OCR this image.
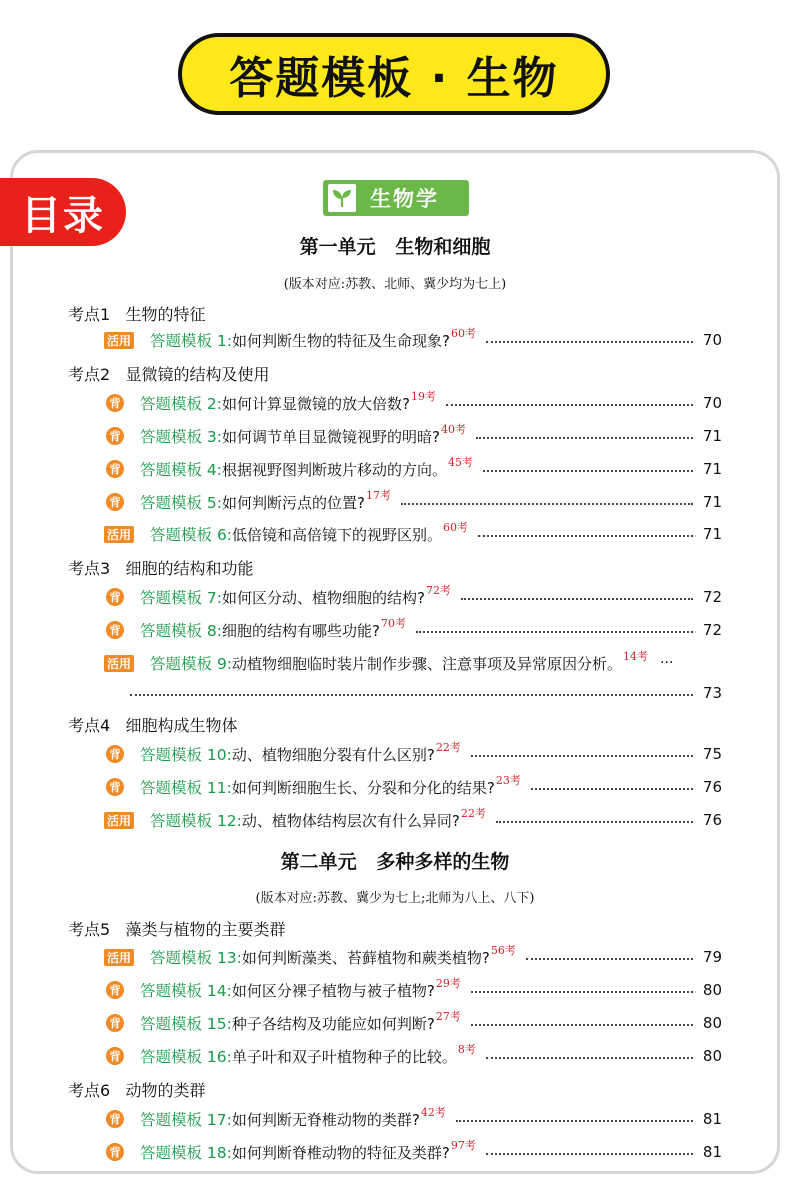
答题模板 · 生物
目录	生物学
第一单元   生物和细胞
(版本对应:苏教、北师、冀少均为七上)
考点1   生物的特征
活用 答题模板 1: 如何判断生物的特征及生命现象? 60考	70
考点2   显微镜的结构及使用
背 答题模板 2: 如何计算显微镜的放大倍数? 19考	70
背 答题模板 3: 如何调节单目显微镜视野的明暗? 40考	71
背 答题模板 4: 根据视野图判断玻片移动的方向。 45考	71
背 答题模板 5: 如何判断污点的位置? 17考	71
活用 答题模板 6: 低倍镜和高倍镜下的视野区别。 60考	71
考点3   细胞的结构和功能
背 答题模板 7: 如何区分动、植物细胞的结构? 72考	72
背 答题模板 8: 细胞的结构有哪些功能? 70考	72
活用 答题模板 9: 动植物细胞临时装片制作步骤、注意事项及异常原因分析。 14考 ···
73
考点4   细胞构成生物体
背 答题模板 10: 动、植物细胞分裂有什么区别? 22考	75
背 答题模板 11: 如何判断细胞生长、分裂和分化的结果? 23考	76
活用 答题模板 12: 动、植物体结构层次有什么异同? 22考	76
第二单元   多种多样的生物
(版本对应:苏教、冀少为七上;北师为八上、八下)
考点5   藻类与植物的主要类群
活用 答题模板 13: 如何判断藻类、苔藓植物和蕨类植物? 56考	79
背 答题模板 14: 如何区分裸子植物与被子植物? 29考	80
背 答题模板 15: 种子各结构及功能应如何判断? 27考	80
背 答题模板 16: 单子叶和双子叶植物种子的比较。 8考	80
考点6   动物的类群
背 答题模板 17: 如何判断无脊椎动物的类群? 42考	81
背 答题模板 18: 如何判断脊椎动物的特征及类群? 97考	81
